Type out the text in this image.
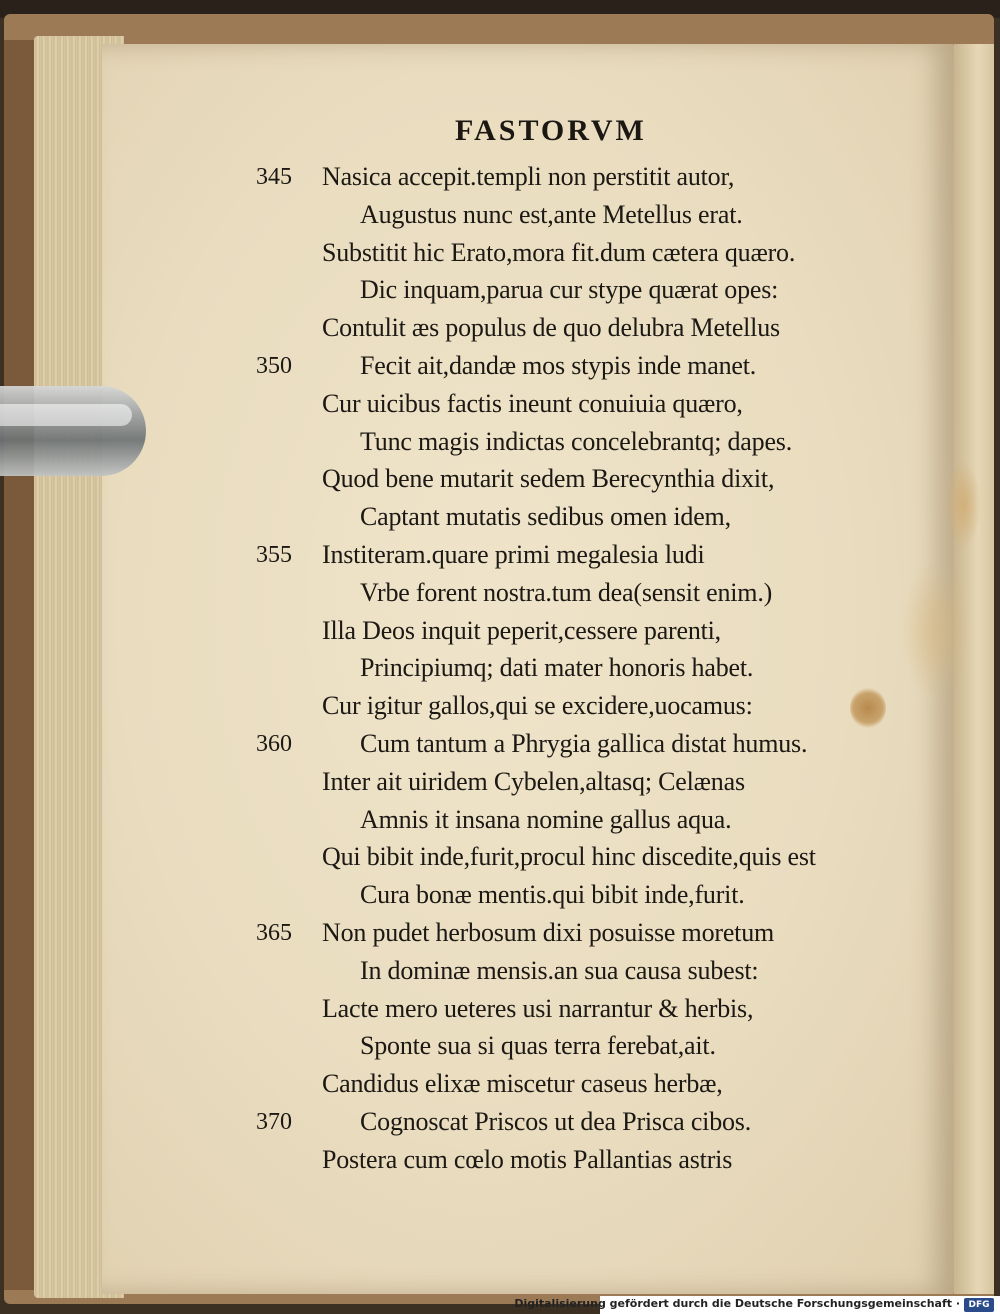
FASTORVM
Nasica accepit.templi non perstitit autor,
345
Augustus nunc est,ante Metellus erat.
Substitit hic Erato,mora fit.dum cætera quæro.
Dic inquam,parua cur stype quærat opes:
Contulit æs populus de quo delubra Metellus
Fecit ait,dandæ mos stypis inde manet.
350
Cur uicibus factis ineunt conuiuia quæro,
Tunc magis indictas concelebrantq; dapes.
Quod bene mutarit sedem Berecynthia dixit,
Captant mutatis sedibus omen idem,
Institeram.quare primi megalesia ludi
355
Vrbe forent nostra.tum dea(sensit enim.)
Illa Deos inquit peperit,cessere parenti,
Principiumq; dati mater honoris habet.
Cur igitur gallos,qui se excidere,uocamus:
Cum tantum a Phrygia gallica distat humus.
360
Inter ait uiridem Cybelen,altasq; Celænas
Amnis it insana nomine gallus aqua.
Qui bibit inde,furit,procul hinc discedite,quis est
Cura bonæ mentis.qui bibit inde,furit.
Non pudet herbosum dixi posuisse moretum
365
In dominæ mensis.an sua causa subest:
Lacte mero ueteres usi narrantur & herbis,
Sponte sua si quas terra ferebat,ait.
Candidus elixæ miscetur caseus herbæ,
Cognoscat Priscos ut dea Prisca cibos.
370
Postera cum cœlo motis Pallantias astris
Digitalisierung gefördert durch die Deutsche Forschungsgemeinschaft · DFG
